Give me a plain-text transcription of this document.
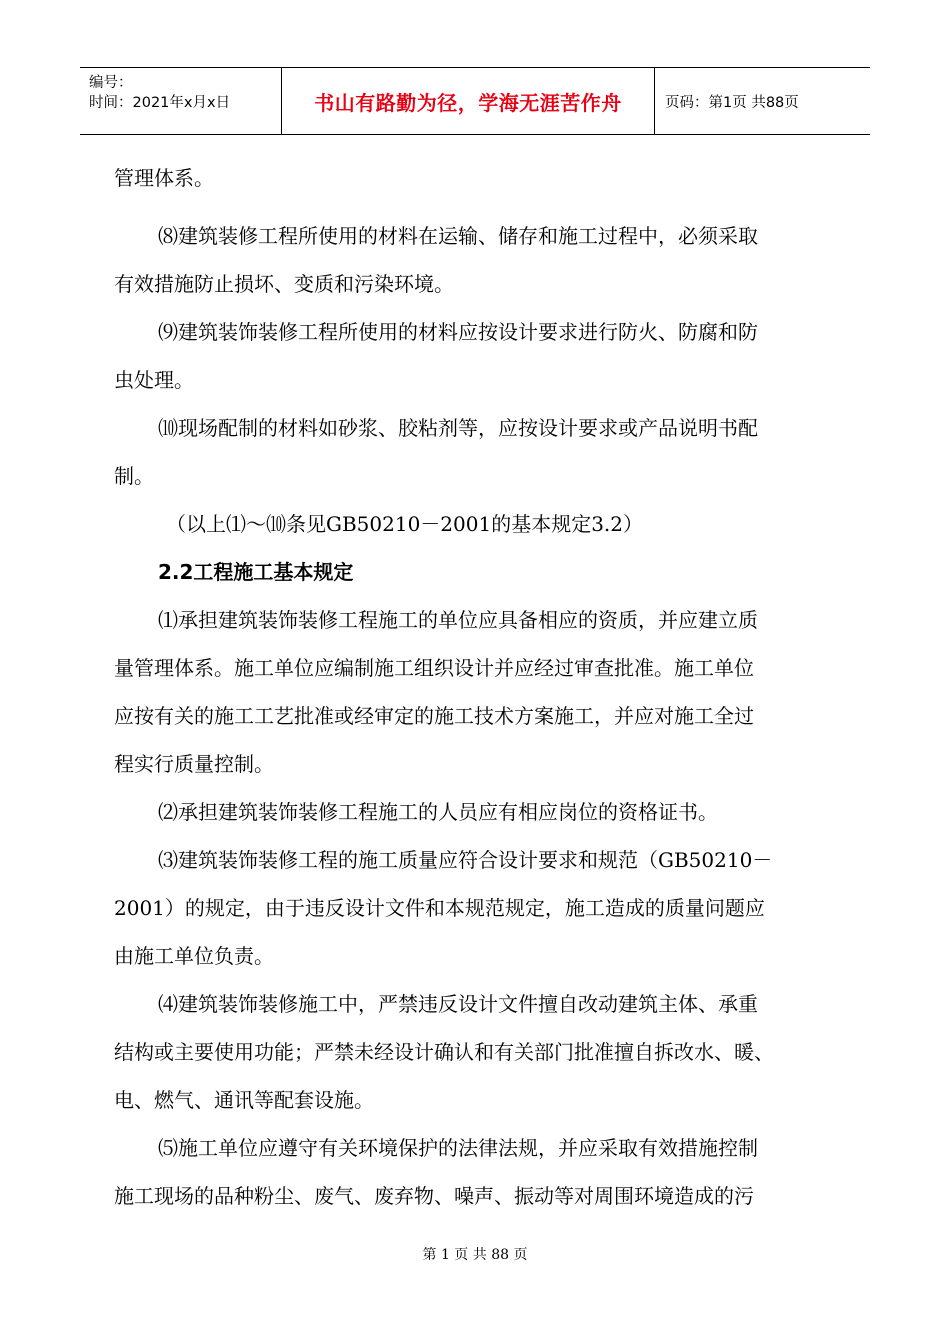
编号：
时间：2021年x月x日	书山有路勤为径，学海无涯苦作舟	页码：第1页 共88页
管理体系。
⑻建筑装修工程所使用的材料在运输、储存和施工过程中，必须采取
有效措施防止损坏、变质和污染环境。
⑼建筑装饰装修工程所使用的材料应按设计要求进行防火、防腐和防
虫处理。
⑽现场配制的材料如砂浆、胶粘剂等，应按设计要求或产品说明书配
制。
（以上⑴～⑽条见GB50210－2001的基本规定3.2）
2.2工程施工基本规定
⑴承担建筑装饰装修工程施工的单位应具备相应的资质，并应建立质
量管理体系。施工单位应编制施工组织设计并应经过审查批准。施工单位
应按有关的施工工艺批准或经审定的施工技术方案施工，并应对施工全过
程实行质量控制。
⑵承担建筑装饰装修工程施工的人员应有相应岗位的资格证书。
⑶建筑装饰装修工程的施工质量应符合设计要求和规范（GB50210－
2001）的规定，由于违反设计文件和本规范规定，施工造成的质量问题应
由施工单位负责。
⑷建筑装饰装修施工中，严禁违反设计文件擅自改动建筑主体、承重
结构或主要使用功能；严禁未经设计确认和有关部门批准擅自拆改水、暖、
电、燃气、通讯等配套设施。
⑸施工单位应遵守有关环境保护的法律法规，并应采取有效措施控制
施工现场的品种粉尘、废气、废弃物、噪声、振动等对周围环境造成的污
第 1 页 共 88 页
